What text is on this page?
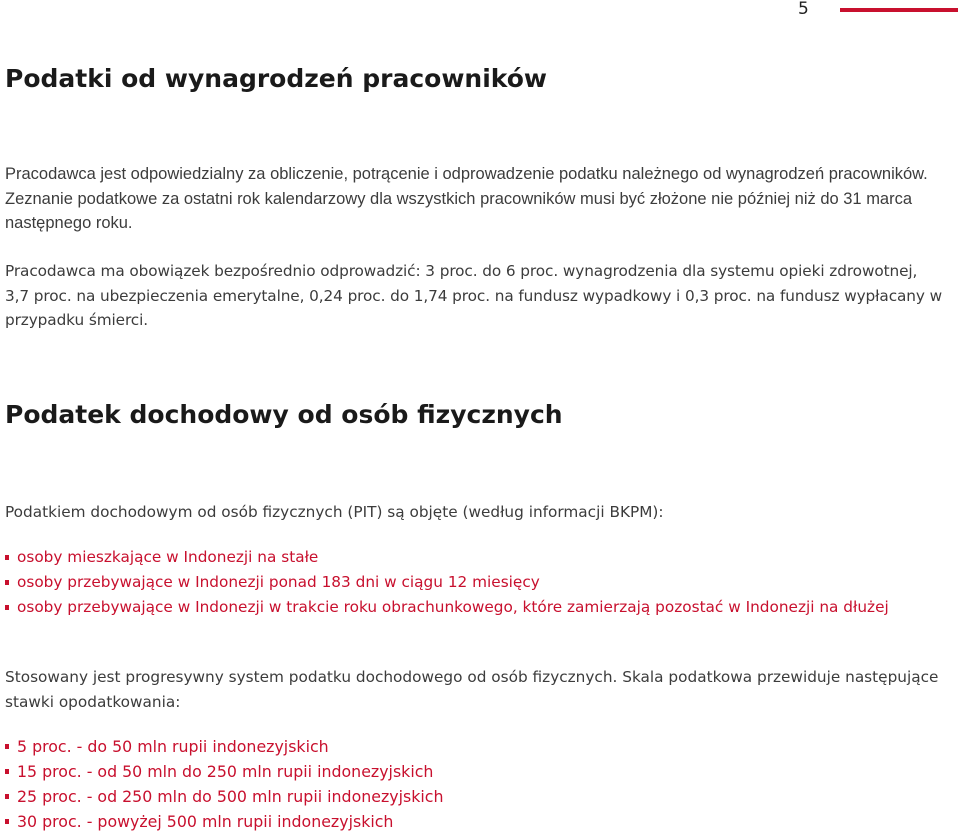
5
Podatki od wynagrodzeń pracowników

Pracodawca jest odpowiedzialny za obliczenie, potrącenie i odprowadzenie podatku należnego od wynagrodzeń pracowników. Zeznanie podatkowe za ostatni rok kalendarzowy dla wszystkich pracowników musi być złożone nie później niż do 31 marca następnego roku.

Pracodawca ma obowiązek bezpośrednio odprowadzić: 3 proc. do 6 proc. wynagrodzenia dla systemu opieki zdrowotnej, 3,7 proc. na ubezpieczenia emerytalne, 0,24 proc. do 1,74 proc. na fundusz wypadkowy i 0,3 proc. na fundusz wypłacany w przypadku śmierci.

Podatek dochodowy od osób fizycznych

Podatkiem dochodowym od osób fizycznych (PIT) są objęte (według informacji BKPM):

osoby mieszkające w Indonezji na stałe
osoby przebywające w Indonezji ponad 183 dni w ciągu 12 miesięcy
osoby przebywające w Indonezji w trakcie roku obrachunkowego, które zamierzają pozostać w Indonezji na dłużej

Stosowany jest progresywny system podatku dochodowego od osób fizycznych. Skala podatkowa przewiduje następujące stawki opodatkowania:

5 proc. - do 50 mln rupii indonezyjskich
15 proc. - od 50 mln do 250 mln rupii indonezyjskich
25 proc. - od 250 mln do 500 mln rupii indonezyjskich
30 proc. - powyżej 500 mln rupii indonezyjskich
